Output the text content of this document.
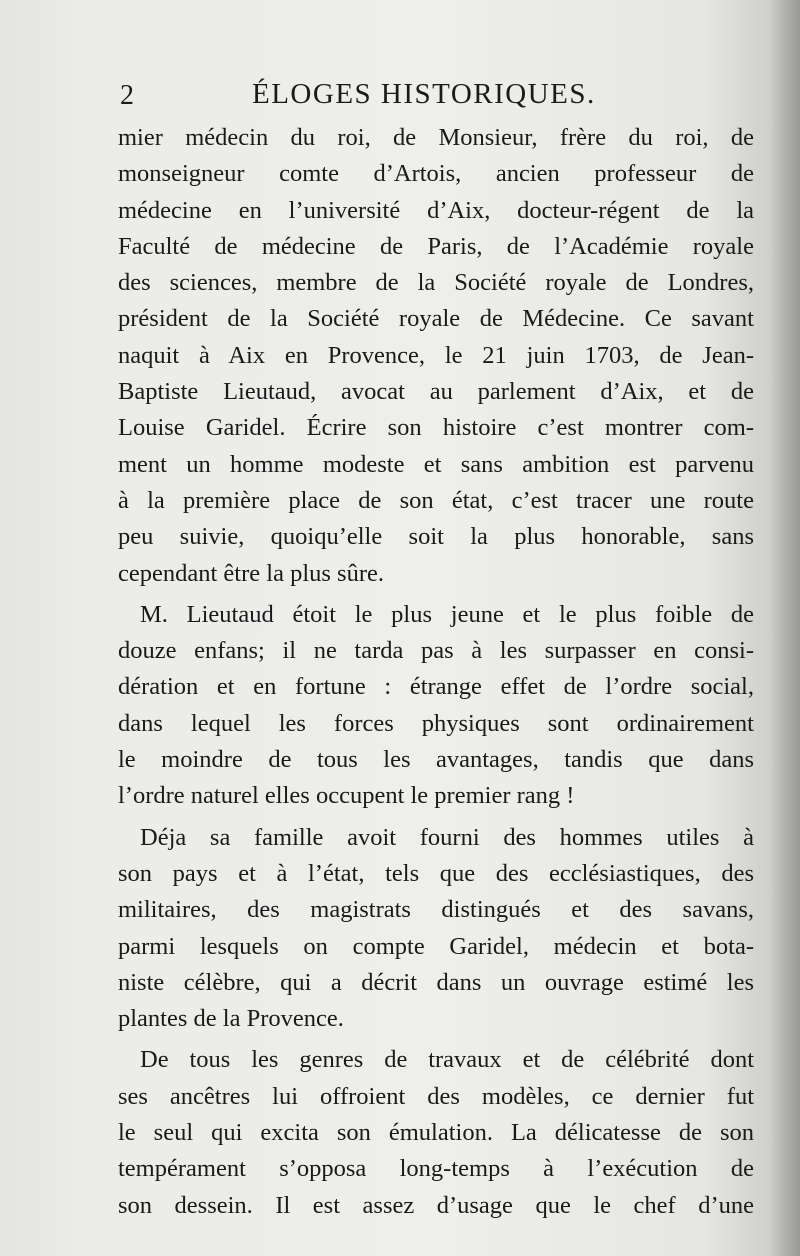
2	ÉLOGES HISTORIQUES.
mier médecin du roi, de Monsieur, frère du roi, de
monseigneur comte d’Artois, ancien professeur de
médecine en l’université d’Aix, docteur-régent de la
Faculté de médecine de Paris, de l’Académie royale
des sciences, membre de la Société royale de Londres,
président de la Société royale de Médecine. Ce savant
naquit à Aix en Provence, le 21 juin 1703, de Jean-
Baptiste Lieutaud, avocat au parlement d’Aix, et de
Louise Garidel. Écrire son histoire c’est montrer com-
ment un homme modeste et sans ambition est parvenu
à la première place de son état, c’est tracer une route
peu suivie, quoiqu’elle soit la plus honorable, sans
cependant être la plus sûre.
M. Lieutaud étoit le plus jeune et le plus foible de
douze enfans; il ne tarda pas à les surpasser en consi-
dération et en fortune : étrange effet de l’ordre social,
dans lequel les forces physiques sont ordinairement
le moindre de tous les avantages, tandis que dans
l’ordre naturel elles occupent le premier rang !
Déja sa famille avoit fourni des hommes utiles à
son pays et à l’état, tels que des ecclésiastiques, des
militaires, des magistrats distingués et des savans,
parmi lesquels on compte Garidel, médecin et bota-
niste célèbre, qui a décrit dans un ouvrage estimé les
plantes de la Provence.
De tous les genres de travaux et de célébrité dont
ses ancêtres lui offroient des modèles, ce dernier fut
le seul qui excita son émulation. La délicatesse de son
tempérament s’opposa long-temps à l’exécution de
son dessein. Il est assez d’usage que le chef d’une
